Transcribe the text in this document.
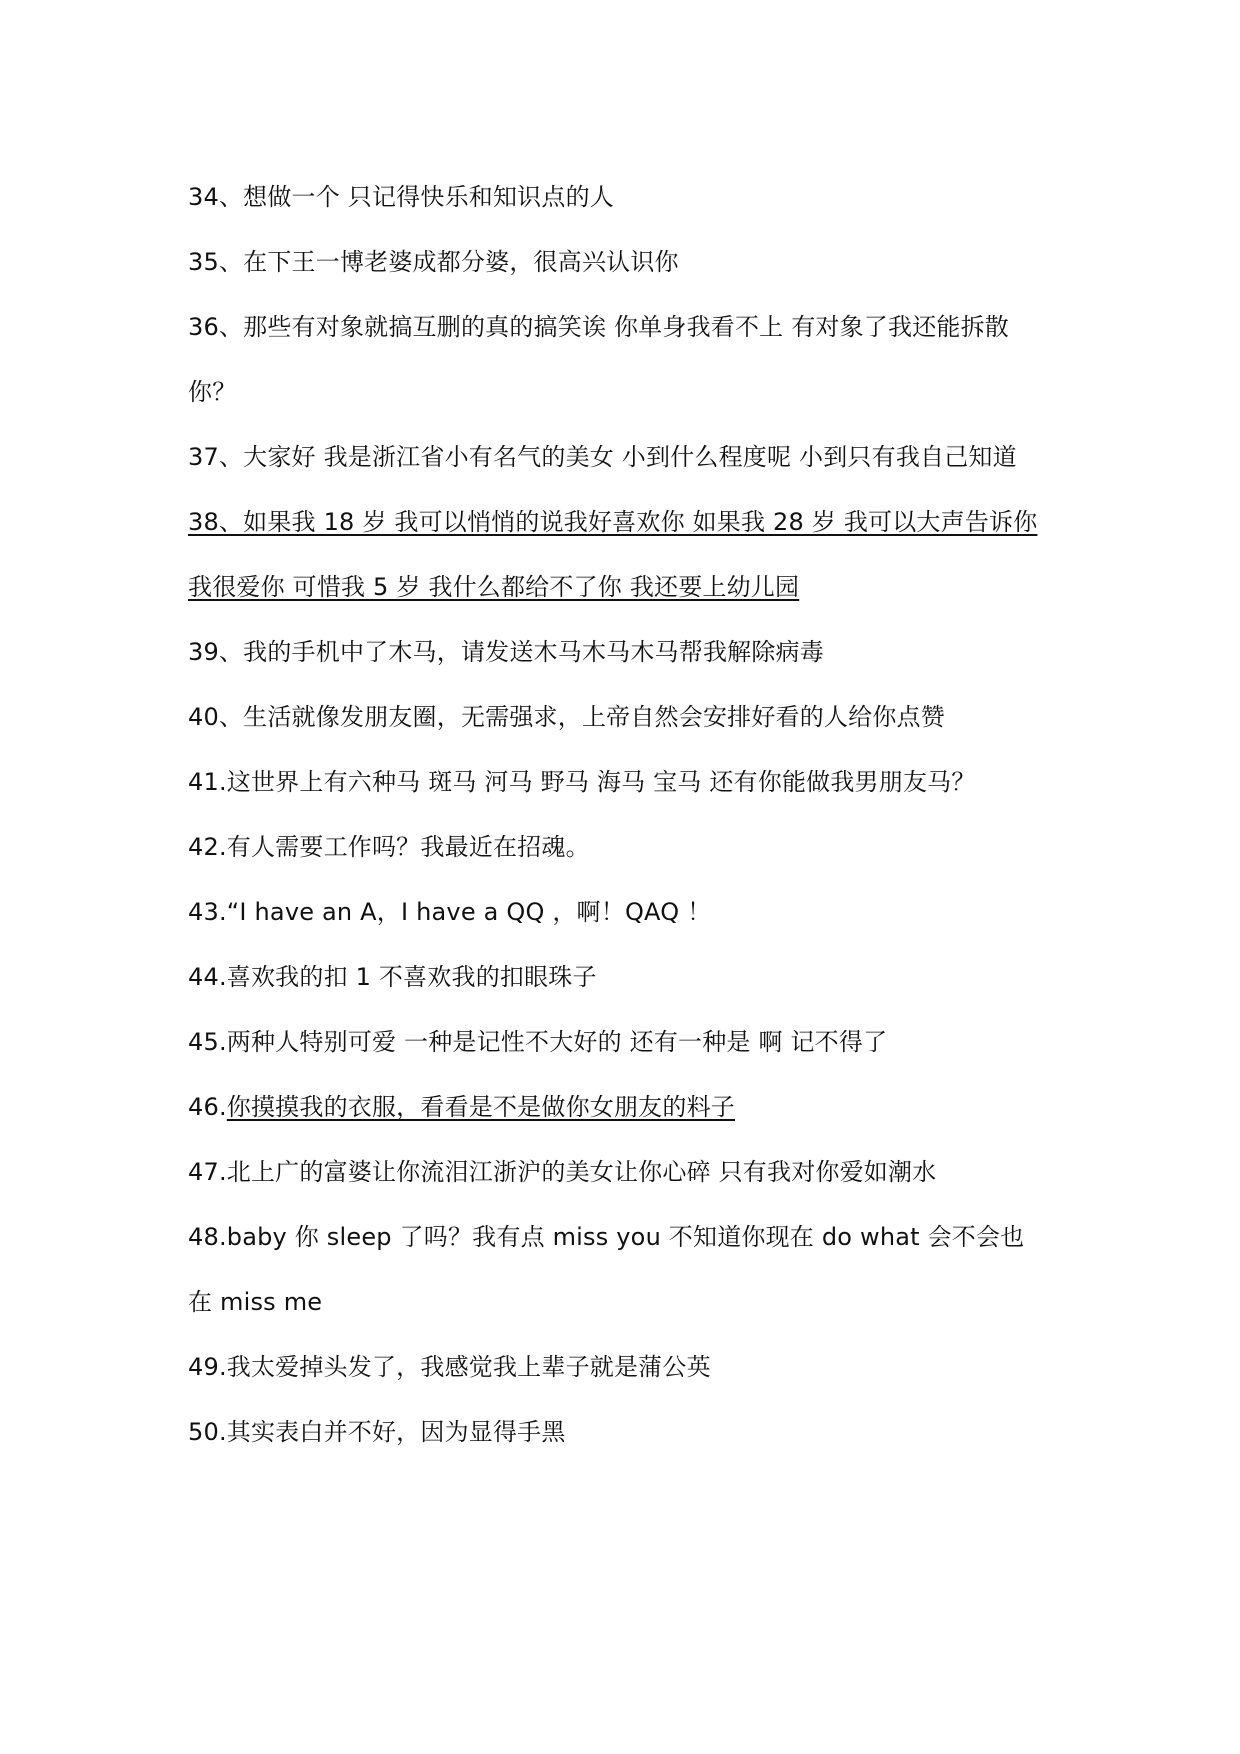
34、想做一个 只记得快乐和知识点的人
35、在下王一博老婆成都分婆，很高兴认识你
36、那些有对象就搞互删的真的搞笑诶 你单身我看不上 有对象了我还能拆散
你？
37、大家好 我是浙江省小有名气的美女 小到什么程度呢 小到只有我自己知道
38、如果我 18 岁 我可以悄悄的说我好喜欢你 如果我 28 岁 我可以大声告诉你
我很爱你 可惜我 5 岁 我什么都给不了你 我还要上幼儿园
39、我的手机中了木马，请发送木马木马木马帮我解除病毒
40、生活就像发朋友圈，无需强求，上帝自然会安排好看的人给你点赞
41.这世界上有六种马 斑马 河马 野马 海马 宝马 还有你能做我男朋友马？
42.有人需要工作吗？我最近在招魂。
43.“I have an A，I have a QQ ，啊！QAQ ！
44.喜欢我的扣 1 不喜欢我的扣眼珠子
45.两种人特别可爱 一种是记性不大好的 还有一种是 啊 记不得了
46.你摸摸我的衣服，看看是不是做你女朋友的料子
47.北上广的富婆让你流泪江浙沪的美女让你心碎 只有我对你爱如潮水
48.baby 你 sleep 了吗？我有点 miss you 不知道你现在 do what 会不会也
在 miss me
49.我太爱掉头发了，我感觉我上辈子就是蒲公英
50.其实表白并不好，因为显得手黑
